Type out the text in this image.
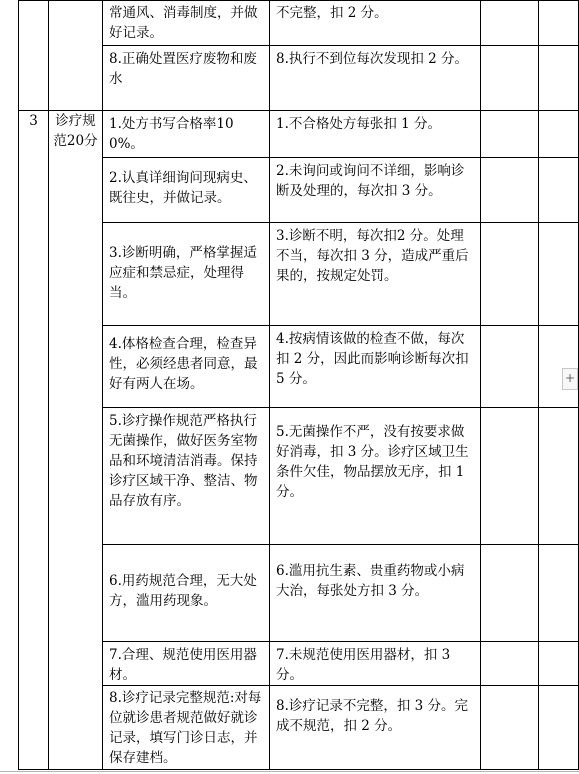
		常通风、消毒制度，并做好记录。	不完整，扣 2 分。		

		8.正确处置医疗废物和废水	8.执行不到位每次发现扣 2 分。		

3	诊疗规范20分	1.处方书写合格率100%。	1.不合格处方每张扣 1 分。		

		2.认真详细询问现病史、既往史，并做记录。	2.未询问或询问不详细，影响诊断及处理的，每次扣 3 分。		

		3.诊断明确，严格掌握适应症和禁忌症，处理得当。	3.诊断不明，每次扣2 分。处理不当，每次扣 3 分，造成严重后果的，按规定处罚。		

		4.体格检查合理，检查异性，必须经患者同意，最好有两人在场。	4.按病情该做的检查不做，每次扣 2 分，因此而影响诊断每次扣 5 分。		

		5.诊疗操作规范严格执行无菌操作，做好医务室物品和环境清洁消毒。保持诊疗区域干净、整洁、物品存放有序。	5.无菌操作不严，没有按要求做好消毒，扣 3 分。诊疗区域卫生条件欠佳，物品摆放无序，扣 1 分。		

		6.用药规范合理，无大处方，滥用药现象。	6.滥用抗生素、贵重药物或小病大治，每张处方扣 3 分。		

		7.合理、规范使用医用器材。	7.未规范使用医用器材，扣 3 分。		

		8.诊疗记录完整规范:对每位就诊患者规范做好就诊记录，填写门诊日志，并保存建档。	8.诊疗记录不完整，扣 3 分。完成不规范，扣 2 分。		

+
